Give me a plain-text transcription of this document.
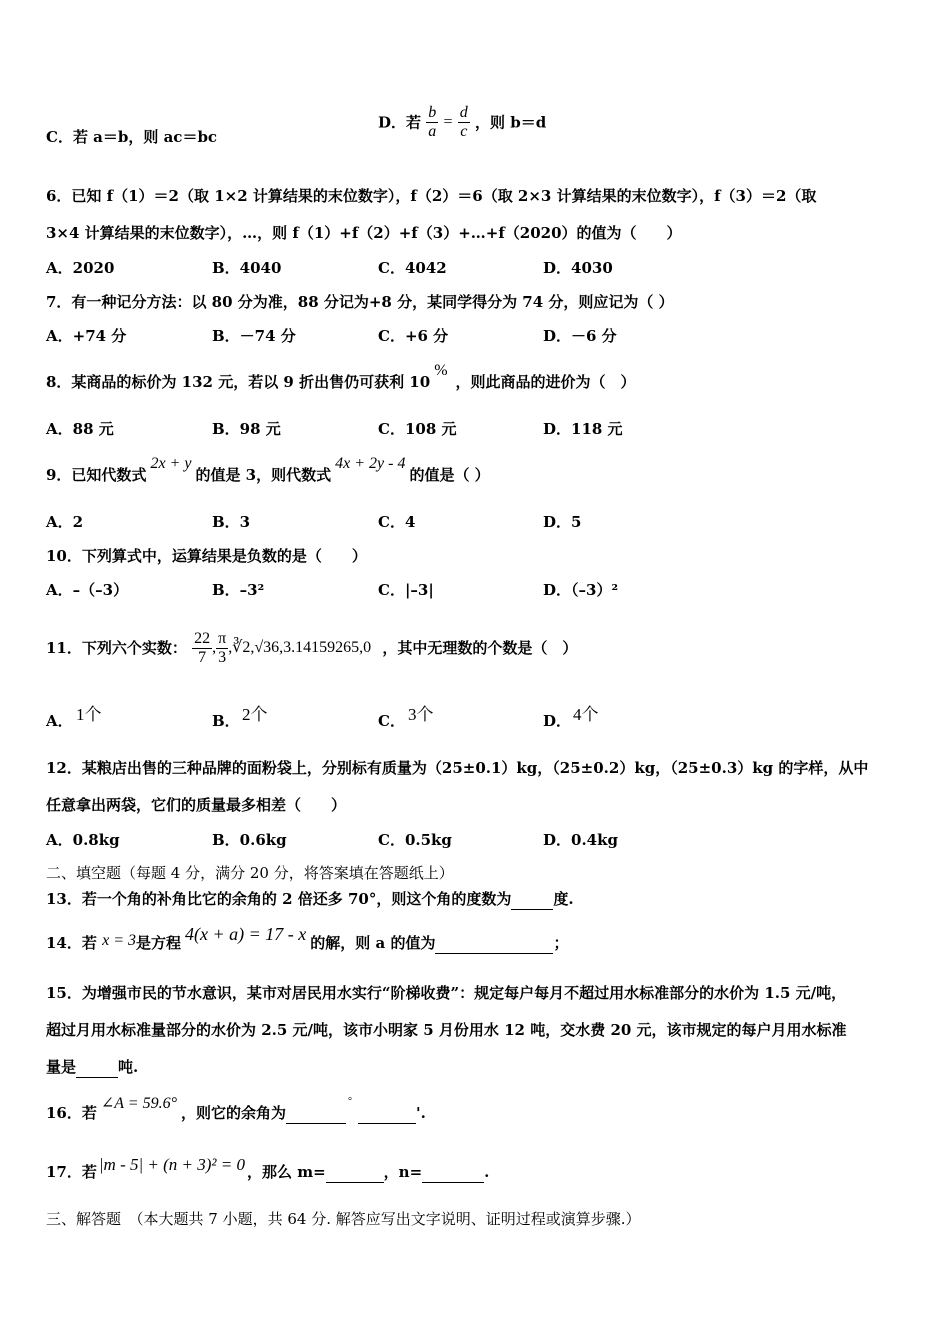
C．若 a＝b，则 ac＝bc
D．若 $\frac{b}{a} = \frac{d}{c}$ ，则 b＝d
6．已知 f（1）＝2（取 1×2 计算结果的末位数字），f（2）＝6（取 2×3 计算结果的末位数字），f（3）＝2（取
3×4 计算结果的末位数字），…，则 f（1）+f（2）+f（3）+…+f（2020）的值为（　　）
A．2020	B．4040	C．4042	D．4030
7．有一种记分方法：以 80 分为准，88 分记为+8 分，某同学得分为 74 分，则应记为（ ）
A．+74 分	B．－74 分	C．+6 分	D．－6 分
8．某商品的标价为 132 元，若以 9 折出售仍可获利 10%，则此商品的进价为（　）
A．88 元	B．98 元	C．108 元	D．118 元
9．已知代数式2x + y的值是 3，则代数式4x + 2y - 4的值是（ ）
A．2	B．3	C．4	D．5
10．下列算式中，运算结果是负数的是（　　）
A．–（–3）	B．–3²	C．|–3|	D．（–3）²
11．下列六个实数： $\frac{22}{7}$ , $\frac{\pi}{3}$ ,∛2,√36,3.14159265,0 ，其中无理数的个数是（　）
A． 1个	B． 2个	C． 3个	D． 4个
12．某粮店出售的三种品牌的面粉袋上，分别标有质量为（25±0.1）kg，（25±0.2）kg，（25±0.3）kg 的字样，从中
任意拿出两袋，它们的质量最多相差（　　）
A．0.8kg	B．0.6kg	C．0.5kg	D．0.4kg
二、填空题（每题 4 分，满分 20 分，将答案填在答题纸上）
13．若一个角的补角比它的余角的 2 倍还多 70°，则这个角的度数为	度.
14．若 x = 3是方程 4(x + a) = 17 - x 的解，则 a 的值为	；
15．为增强市民的节水意识，某市对居民用水实行“阶梯收费”：规定每户每月不超过用水标准部分的水价为 1.5 元/吨，
超过月用水标准量部分的水价为 2.5 元/吨，该市小明家 5 月份用水 12 吨，交水费 20 元，该市规定的每户月用水标准
量是	吨.
16．若∠A = 59.6°，则它的余角为 ° '.
17．若 |m - 5| + (n + 3)² = 0 ，那么 m=	，n=	.
三、解答题　（本大题共 7 小题，共 64 分. 解答应写出文字说明、证明过程或演算步骤.）
